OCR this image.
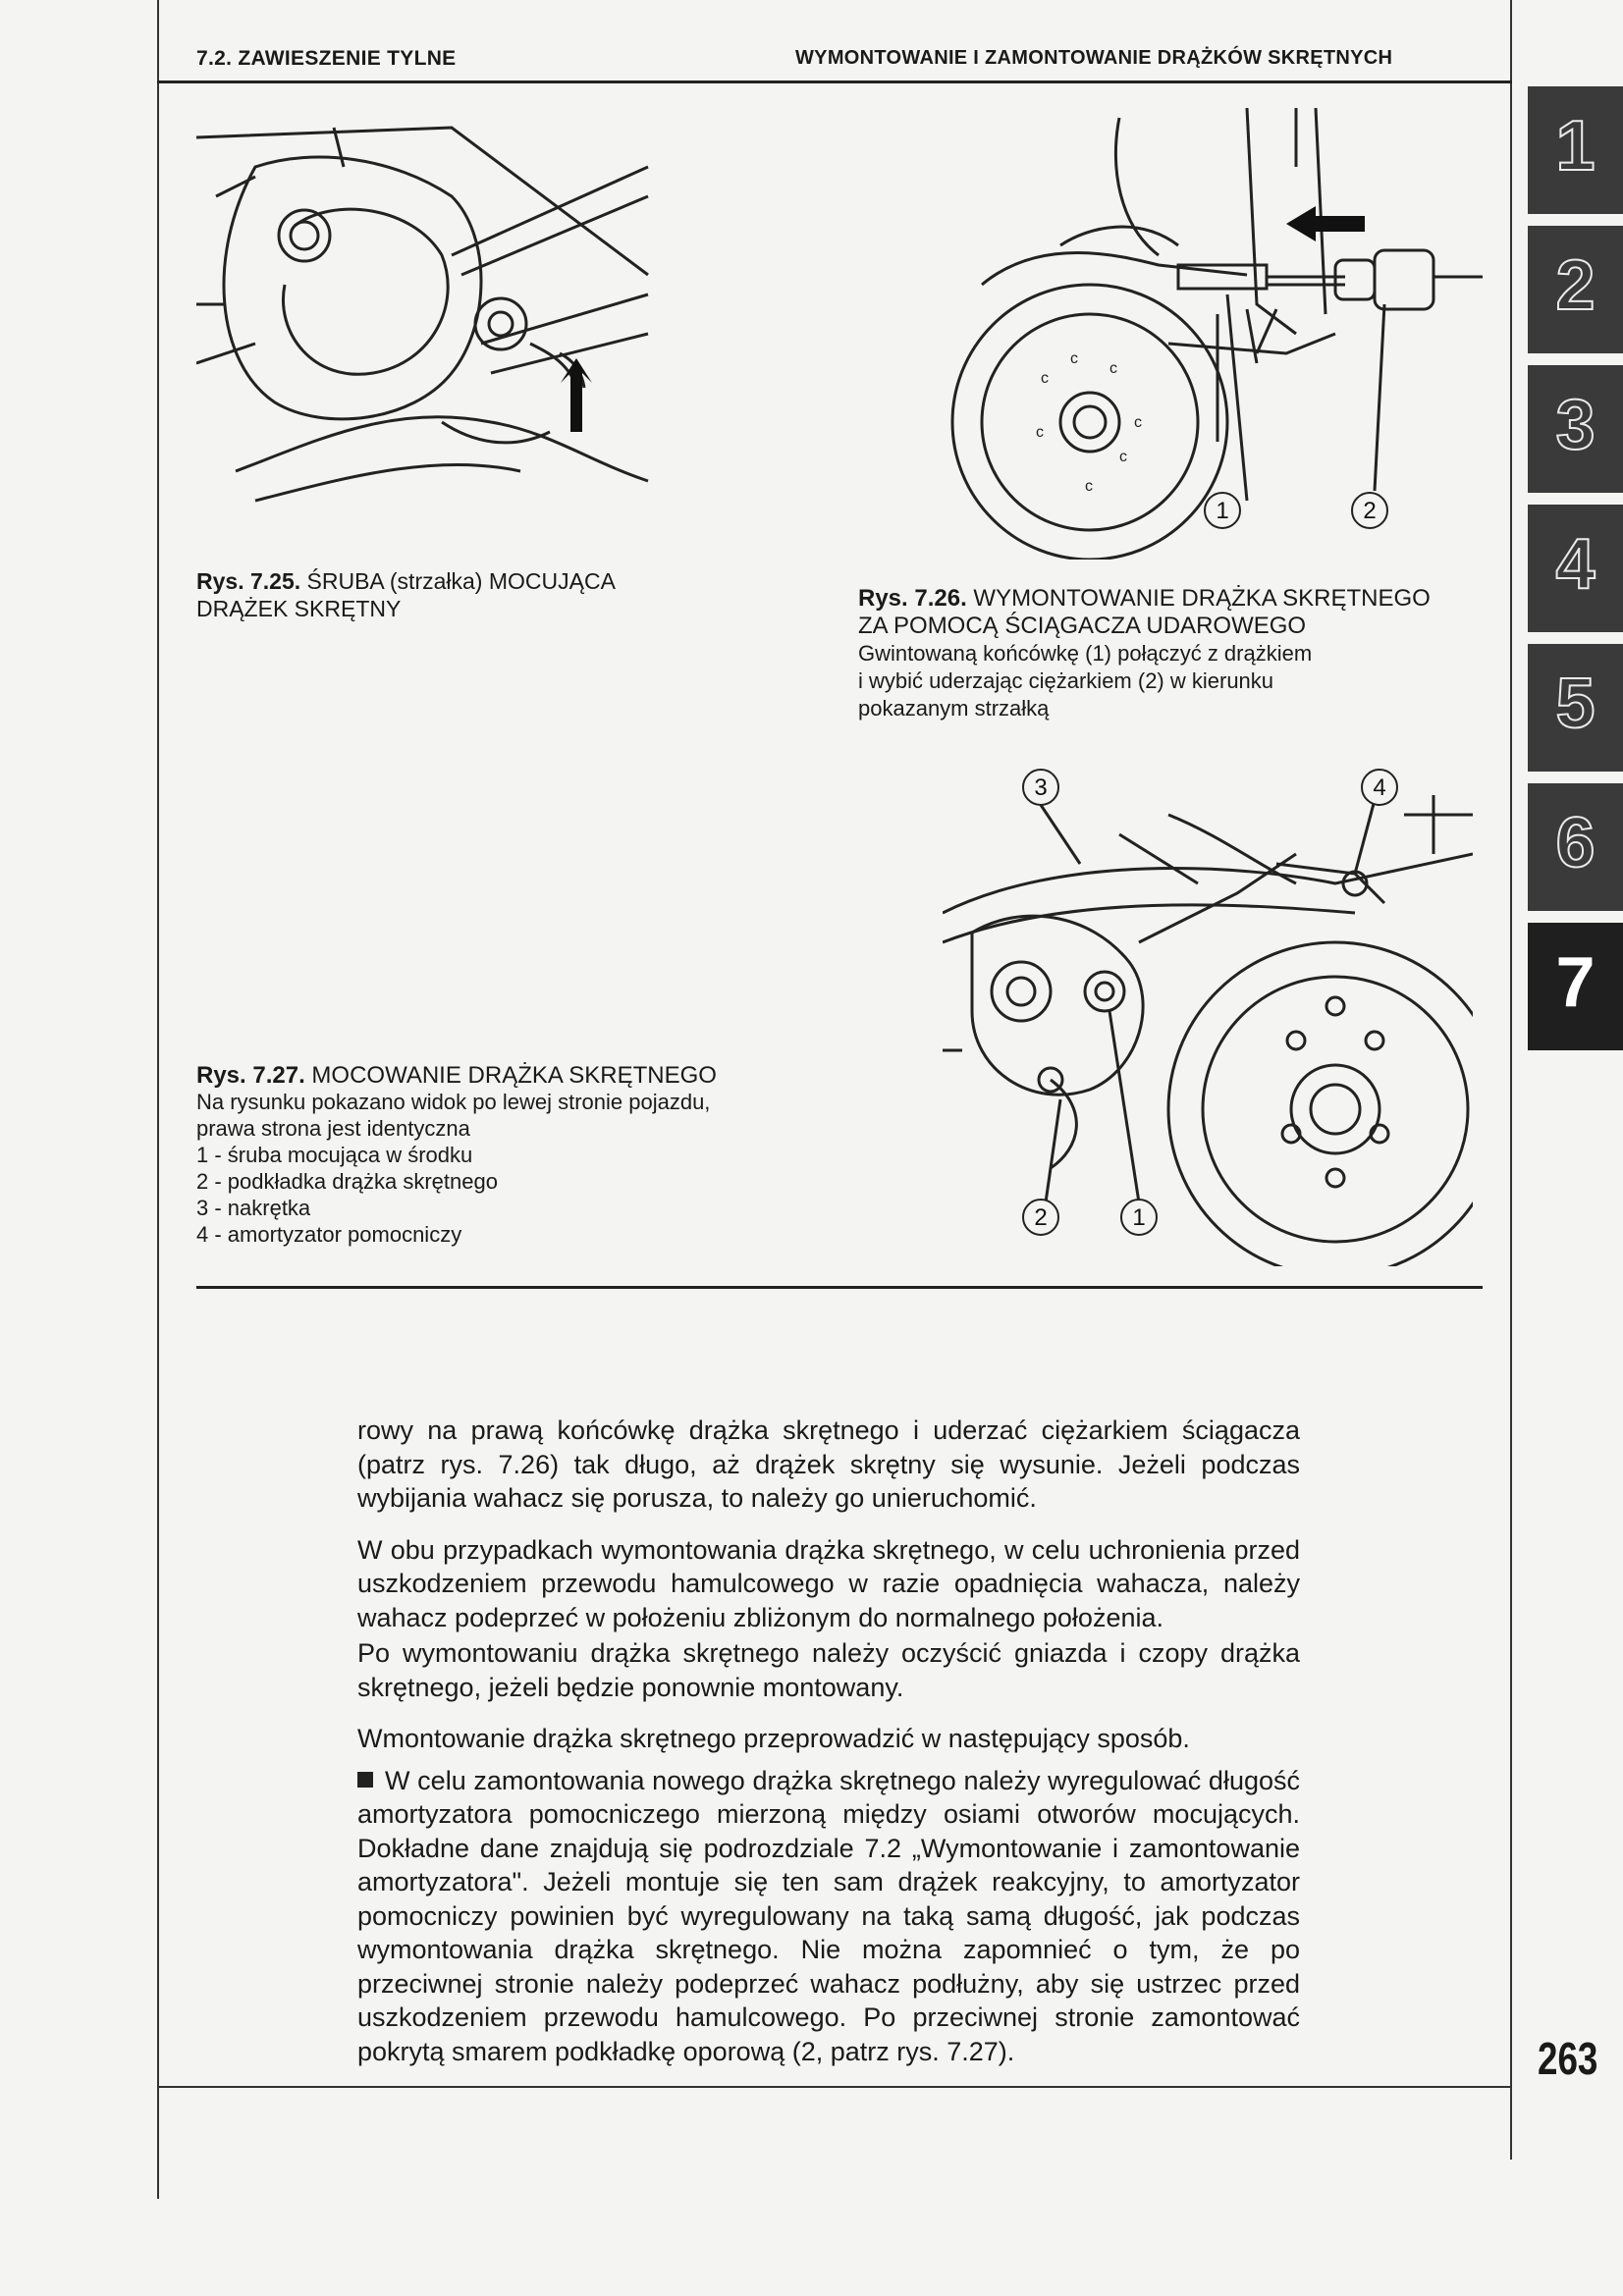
7.2. ZAWIESZENIE TYLNE	WYMONTOWANIE I ZAMONTOWANIE DRĄŻKÓW SKRĘTNYCH
Rys. 7.25. ŚRUBA (strzałka) MOCUJĄCA
DRĄŻEK SKRĘTNY
c
c
c
c
c
c
c
1	2
Rys. 7.26. WYMONTOWANIE DRĄŻKA SKRĘTNEGO
ZA POMOCĄ ŚCIĄGACZA UDAROWEGO
Gwintowaną końcówkę (1) połączyć z drążkiem
i wybić uderzając ciężarkiem (2) w kierunku
pokazanym strzałką
3	4
2	1
Rys. 7.27. MOCOWANIE DRĄŻKA SKRĘTNEGO
Na rysunku pokazano widok po lewej stronie pojazdu,
prawa strona jest identyczna
1 - śruba mocująca w środku
2 - podkładka drążka skrętnego
3 - nakrętka
4 - amortyzator pomocniczy

rowy na prawą końcówkę drążka skrętnego i uderzać ciężarkiem ściągacza (patrz rys. 7.26) tak długo, aż drążek skrętny się wysunie. Jeżeli podczas wybijania wahacz się porusza, to należy go unieruchomić.

W obu przypadkach wymontowania drążka skrętnego, w celu uchronienia przed uszkodzeniem przewodu hamulcowego w razie opadnięcia wahacza, należy wahacz podeprzeć w położeniu zbliżonym do normalnego położenia.

Po wymontowaniu drążka skrętnego należy oczyścić gniazda i czopy drążka skrętnego, jeżeli będzie ponownie montowany.

Wmontowanie drążka skrętnego przeprowadzić w następujący sposób.

W celu zamontowania nowego drążka skrętnego należy wyregulować długość amortyzatora pomocniczego mierzoną między osiami otworów mocujących. Dokładne dane znajdują się podrozdziale 7.2 „Wymontowanie i zamontowanie amortyzatora". Jeżeli montuje się ten sam drążek reakcyjny, to amortyzator pomocniczy powinien być wyregulowany na taką samą długość, jak podczas wymontowania drążka skrętnego. Nie można zapomnieć o tym, że po przeciwnej stronie należy podeprzeć wahacz podłużny, aby się ustrzec przed uszkodzeniem przewodu hamulcowego. Po przeciwnej stronie zamontować pokrytą smarem podkładkę oporową (2, patrz rys. 7.27).

1
2
3
4
5
6
7
263
